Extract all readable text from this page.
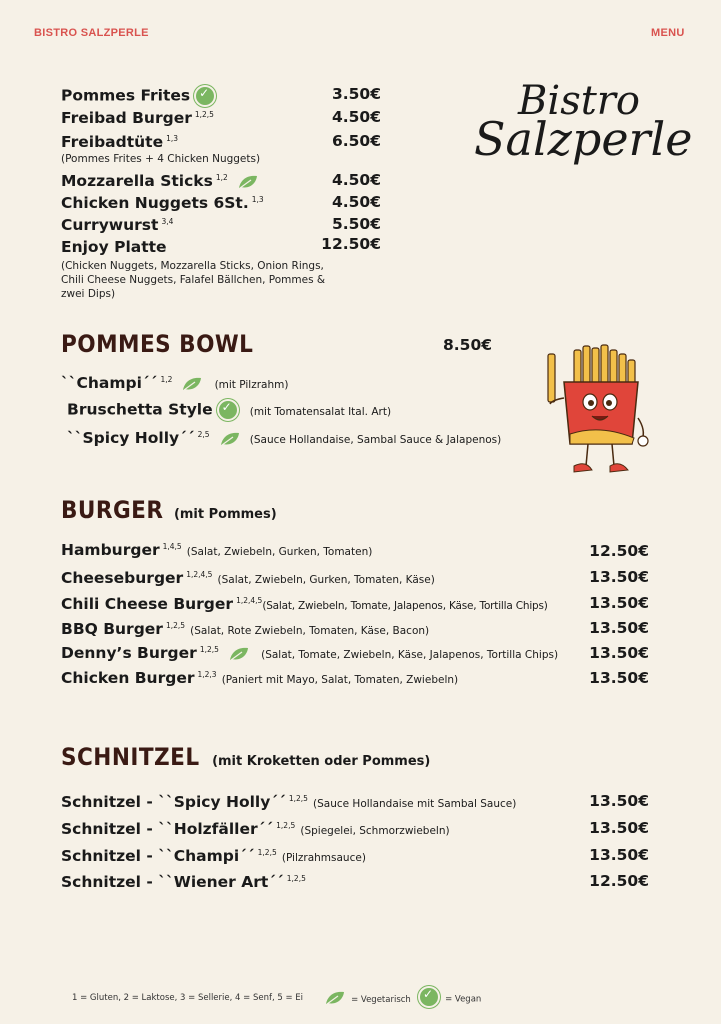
BISTRO SALZPERLE	MENU
Bistro
Salzperle
Pommes Frites ✓	3.50€
Freibad Burger $^{1,2,5}$	4.50€
Freibadtüte $^{1,3}$	6.50€
(Pommes Frites + 4 Chicken Nuggets)
Mozzarella Sticks $^{1,2}$	4.50€
Chicken Nuggets 6St. $^{1,3}$	4.50€
Currywurst $^{3,4}$	5.50€
Enjoy Platte	12.50€
(Chicken Nuggets, Mozzarella Sticks, Onion Rings, Chili Cheese Nuggets, Falafel Bällchen, Pommes & zwei Dips)
POMMES BOWL	8.50€
``Champi´´ $^{1,2}$	(mit Pilzrahm)
Bruschetta Style ✓	(mit Tomatensalat Ital. Art)
``Spicy Holly´´ $^{2,5}$	(Sauce Hollandaise, Sambal Sauce & Jalapenos)
BURGER (mit Pommes)
Hamburger $^{1,4,5}$ (Salat, Zwiebeln, Gurken, Tomaten)	12.50€
Cheeseburger $^{1,2,4,5}$ (Salat, Zwiebeln, Gurken, Tomaten, Käse)	13.50€
Chili Cheese Burger $^{1,2,4,5}$(Salat, Zwiebeln, Tomate, Jalapenos, Käse, Tortilla Chips)	13.50€
BBQ Burger $^{1,2,5}$ (Salat, Rote Zwiebeln, Tomaten, Käse, Bacon)	13.50€
Denny’s Burger $^{1,2,5}$	(Salat, Tomate, Zwiebeln, Käse, Jalapenos, Tortilla Chips) 13.50€
Chicken Burger $^{1,2,3}$ (Paniert mit Mayo, Salat, Tomaten, Zwiebeln)	13.50€
SCHNITZEL (mit Kroketten oder Pommes)
Schnitzel - ``Spicy Holly´´ $^{1,2,5}$ (Sauce Hollandaise mit Sambal Sauce)	13.50€
Schnitzel - ``Holzfäller´´ $^{1,2,5}$ (Spiegelei, Schmorzwiebeln)	13.50€
Schnitzel - ``Champi´´ $^{1,2,5}$ (Pilzrahmsauce)	13.50€
Schnitzel - ``Wiener Art´´ $^{1,2,5}$	12.50€
1 = Gluten, 2 = Laktose, 3 = Sellerie, 4 = Senf, 5 = Ei	= Vegetarisch ✓	= Vegan
